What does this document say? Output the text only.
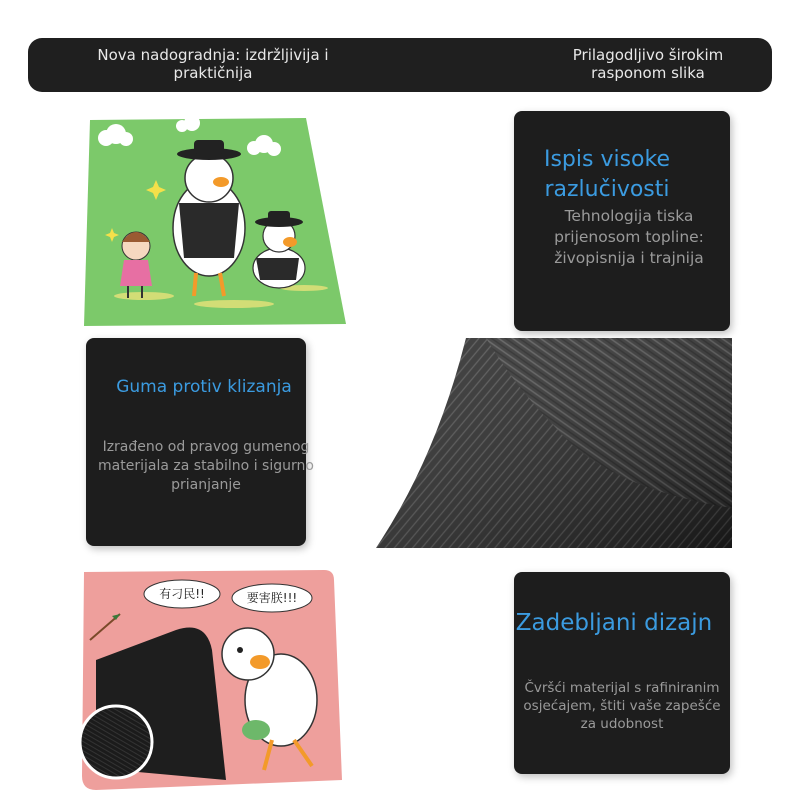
Nova nadogradnja: izdržljivija i praktičnija
Prilagodljivo širokim rasponom slika
Ispis visoke razlučivosti
Tehnologija tiska prijenosom topline: živopisnija i trajnija
Guma protiv klizanja
Izrađeno od pravog gumenog materijala za stabilno i sigurno prianjanje
有刁民!!	要害朕!!!
Zadebljani dizajn
Čvršći materijal s rafiniranim osjećajem, štiti vaše zapešće za udobnost
